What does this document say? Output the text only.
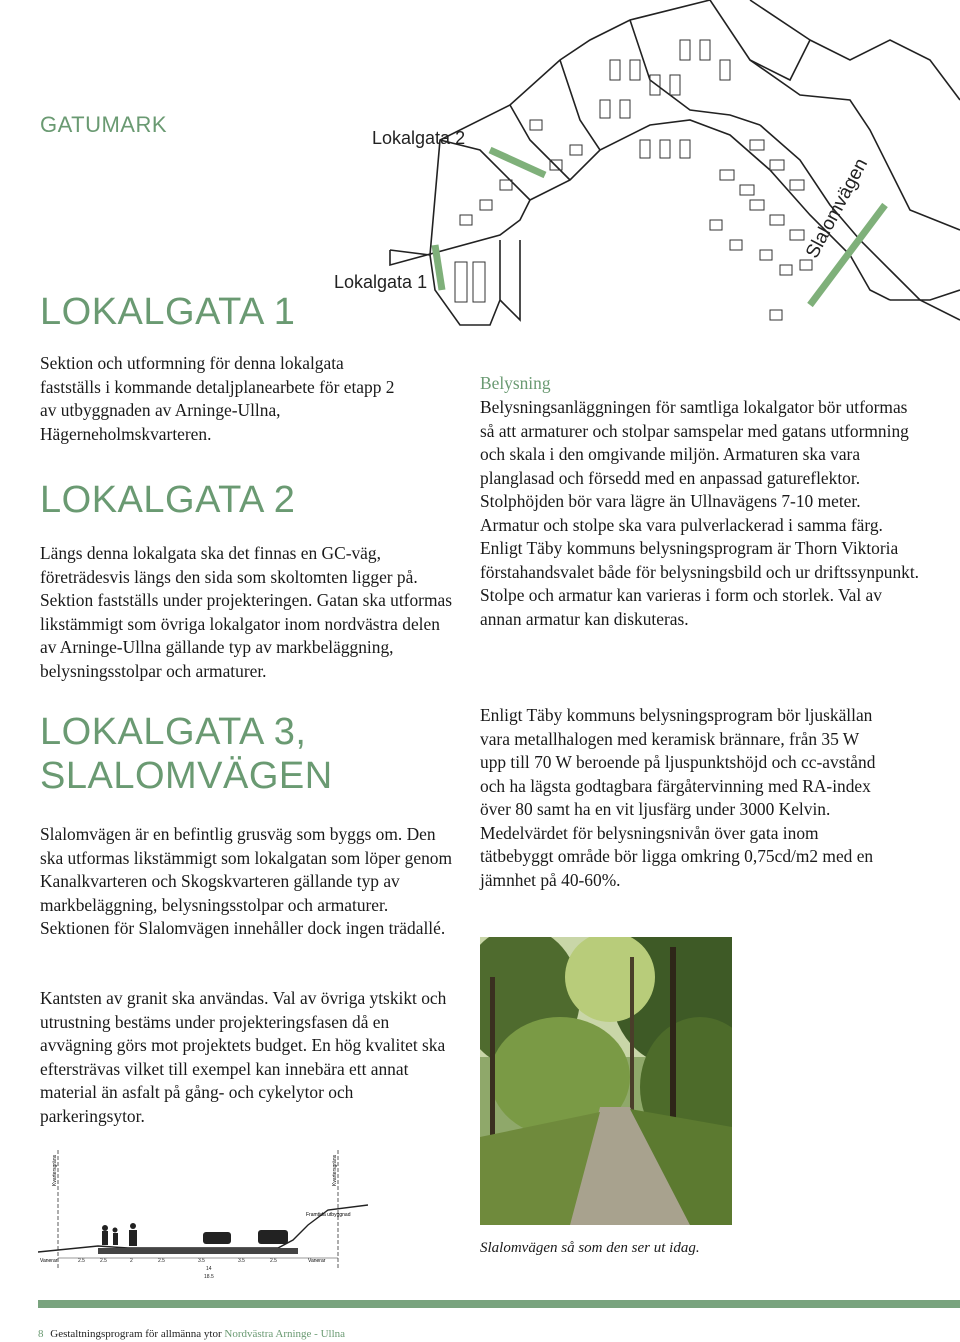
GATUMARK
Lokalgata 2
Lokalgata 1
Slalomvägen
LOKALGATA 1
Sektion och utformning för denna lokalgata fastställs i kommande detaljplanearbete för etapp 2 av utbyggnaden av Arninge-Ullna, Hägerneholmskvarteren.
LOKALGATA 2
Längs denna lokalgata ska det finnas en GC-väg, företrädesvis längs den sida som skoltomten ligger på. Sektion fastställs under projekteringen. Gatan ska utformas likstämmigt som övriga lokalgator inom nordvästra delen av Arninge-Ullna gällande typ av markbeläggning, belysningsstolpar och armaturer.
LOKALGATA 3,
SLALOMVÄGEN
Slalomvägen är en befintlig grusväg som byggs om. Den ska utformas likstämmigt som lokalgatan som löper genom Kanalkvarteren och Skogskvarteren gällande typ av markbeläggning, belysningsstolpar och armaturer. Sektionen för Slalomvägen innehåller dock ingen trädallé.
Kantsten av granit ska användas. Val av övriga ytskikt och utrustning bestäms under projekteringsfasen då en avvägning görs mot projektets budget. En hög kvalitet ska eftersträvas vilket till exempel kan innebära ett annat material än asfalt på gång- och cykelytor och parkeringsytor.
Belysning
Belysningsanläggningen för samtliga lokalgator bör utformas så att armaturer och stolpar samspelar med gatans utformning och skala i den omgivande miljön. Armaturen ska vara planglasad och försedd med en anpassad gatureflektor. Stolphöjden bör vara lägre än Ullnavägens 7-10 meter. Armatur och stolpe ska vara pulverlackerad i samma färg. Enligt Täby kommuns belysningsprogram är Thorn Viktoria förstahandsvalet både för belysningsbild och ur driftssynpunkt. Stolpe och armatur kan varieras i form och storlek. Val av annan armatur kan diskuteras.
Enligt Täby kommuns belysningsprogram bör ljuskällan vara metallhalogen med keramisk brännare, från 35 W upp till 70 W beroende på ljuspunktshöjd och cc-avstånd och ha lägsta godtagbara färgåtervinning med RA-index över 80 samt ha en vit ljusfärg under 3000 Kelvin. Medelvärdet för belysningsnivån över gata inom tätbebyggt område bör ligga omkring 0,75cd/m2 med en jämnhet på 40-60%.
Slalomvägen så som den ser ut idag.
Kvartersgräns	Kvartersgräns
Framtida utbyggnad
Vanerar	Vanerar
2.5	2.5	2	2.5	3.5	3.5	2.5
14
18.5
8 Gestaltningsprogram för allmänna ytor Nordvästra Arninge - Ullna
